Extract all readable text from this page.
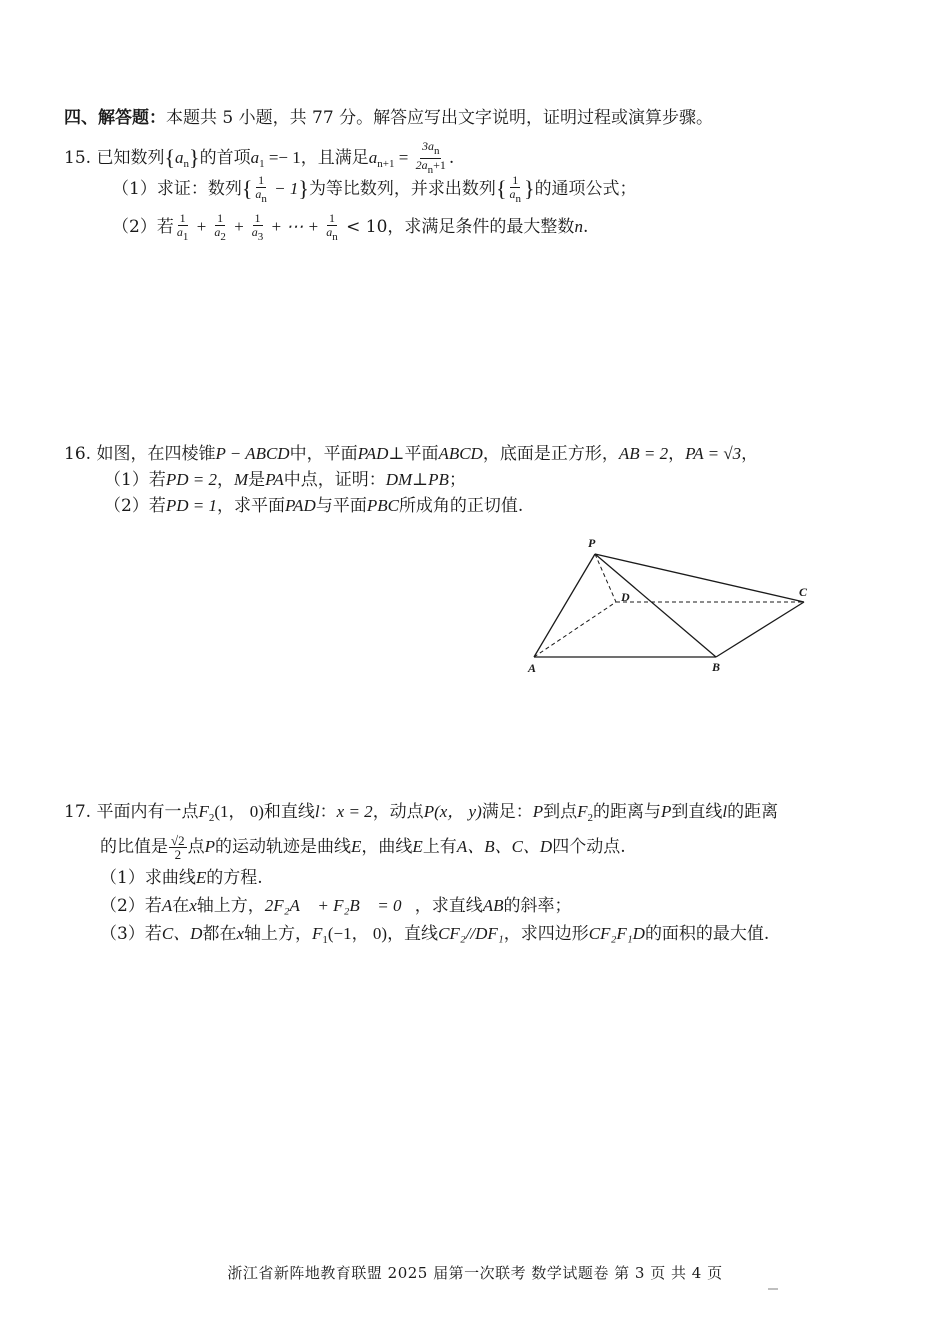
四、解答题：本题共 5 小题，共 77 分。解答应写出文字说明，证明过程或演算步骤。
15. 已知数列$\{a_n\}$的首项$a_1 =- 1$，且满足$a_{n+1} = \frac{3an}{2an+1}$ .
（1）求证：数列{ $\frac{1}{an} - 1$}为等比数列，并求出数列{ $\frac{1}{an}$ }的通项公式；
（2）若 $\frac{1}{a1} + \frac{1}{a2} + \frac{1}{a3}$ + ⋯ + $\frac{1}{an} < 10$，求满足条件的最大整数n.
16. 如图，在四棱锥P − ABCD中，平面PAD⊥平面ABCD，底面是正方形，AB = 2，PA = √3，
（1）若PD = 2，M是PA中点，证明：DM⊥PB；
（2）若PD = 1，求平面PAD与平面PBC所成角的正切值.
P
D	C
A	B
17. 平面内有一点$F_2(1$， 0)和直线l：x = 2，动点P(x， y)满足：P到点$F_2$的距离与P到直线l的距离
的比值是 $\frac{√2}{2}$ 点P的运动轨迹是曲线E，曲线E上有A、B、C、D四个动点.
（1）求曲线E的方程.
（2）若A在x轴上方，2F₂A⃗ + F₂B⃗ = 0⃗，求直线AB的斜率；
（3）若C、D都在x轴上方，$F_1(-1$， 0)，直线CF₂//DF₁，求四边形CF₂F₁D的面积的最大值.
浙江省新阵地教育联盟 2025 届第一次联考 数学试题卷 第 3 页 共 4 页
